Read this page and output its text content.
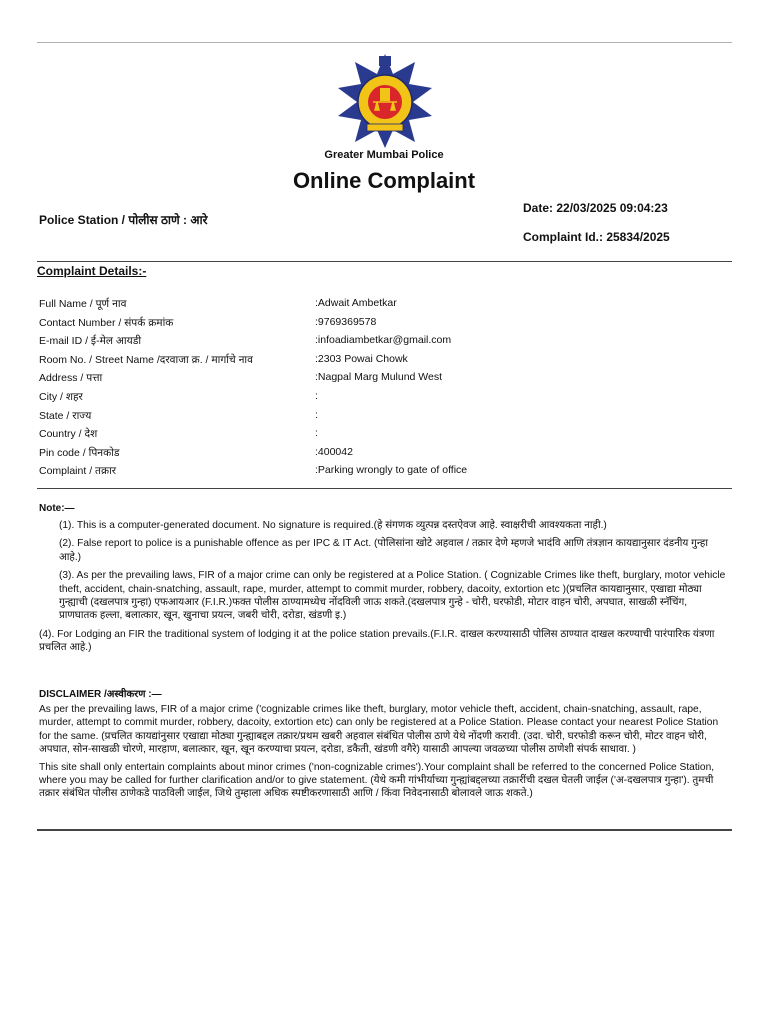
Greater Mumbai Police
Online Complaint
Date: 22/03/2025 09:04:23
Police Station / पोलीस ठाणे : आरे
Complaint Id.: 25834/2025
Complaint Details:-
Full Name / पूर्ण नाव	:Adwait Ambetkar
Contact Number / संपर्क क्रमांक	:9769369578
E-mail ID / ई-मेल आयडी	:infoadiambetkar@gmail.com
Room No. / Street Name /दरवाजा क्र. / मार्गाचे नाव	:2303 Powai Chowk
Address / पत्ता	:Nagpal Marg Mulund West
City / शहर	:
State / राज्य	:
Country / देश	:
Pin code / पिनकोड	:400042
Complaint / तक्रार	:Parking wrongly to gate of office
Note:—

(1). This is a computer-generated document. No signature is required.(हे संगणक व्युत्पन्न दस्तऐवज आहे. स्वाक्षरीची आवश्यकता नाही.)

(2). False report to police is a punishable offence as per IPC & IT Act. (पोलिसांना खोटे अहवाल / तक्रार देणे म्हणजे भादंवि आणि तंत्रज्ञान कायद्यानुसार दंडनीय गुन्हा आहे.)

(3). As per the prevailing laws, FIR of a major crime can only be registered at a Police Station. ( Cognizable Crimes like theft, burglary, motor vehicle theft, accident, chain-snatching, assault, rape, murder, attempt to commit murder, robbery, dacoity, extortion etc )(प्रचलित कायद्यानुसार, एखाद्या मोठ्या गुन्ह्याची (दखलपात्र गुन्हा) एफआयआर (F.I.R.)फक्त पोलीस ठाण्यामध्येच नोंदविली जाऊ शकते.(दखलपात्र गुन्हे - चोरी, घरफोडी, मोटार वाहन चोरी, अपघात, साखळी स्नॅचिंग, प्राणघातक हल्ला, बलात्कार, खून, खुनाचा प्रयत्न, जबरी चोरी, दरोडा, खंडणी इ.)

(4). For Lodging an FIR the traditional system of lodging it at the police station prevails.(F.I.R. दाखल करण्यासाठी पोलिस ठाण्यात दाखल करण्याची पारंपारिक यंत्रणा प्रचलित आहे.)

DISCLAIMER /अस्वीकरण :—

As per the prevailing laws, FIR of a major crime ('cognizable crimes like theft, burglary, motor vehicle theft, accident, chain-snatching, assault, rape, murder, attempt to commit murder, robbery, dacoity, extortion etc) can only be registered at a Police Station. Please contact your nearest Police Station for the same. (प्रचलित कायद्यांनुसार एखाद्या मोठ्या गुन्ह्याबद्दल तक्रार/प्रथम खबरी अहवाल संबंधित पोलीस ठाणे येथे नोंदणी करावी. (उदा. चोरी, घरफोडी करून चोरी, मोटर वाहन चोरी, अपघात, सोन-साखळी चोरणे, मारहाण, बलात्कार, खून, खून करण्याचा प्रयत्न, दरोडा, डकैती, खंडणी वगैरे) यासाठी आपल्या जवळच्या पोलीस ठाणेशी संपर्क साधावा. )

This site shall only entertain complaints about minor crimes ('non-cognizable crimes').Your complaint shall be referred to the concerned Police Station, where you may be called for further clarification and/or to give statement. (येथे कमी गांभीर्याच्या गुन्ह्यांबद्दलच्या तक्रारींची दखल घेतली जाईल ('अ-दखलपात्र गुन्हा'). तुमची तक्रार संबंधित पोलीस ठाणेकडे पाठविली जाईल, जिथे तुम्हाला अधिक स्पष्टीकरणासाठी आणि / किंवा निवेदनासाठी बोलावले जाऊ शकते.)
